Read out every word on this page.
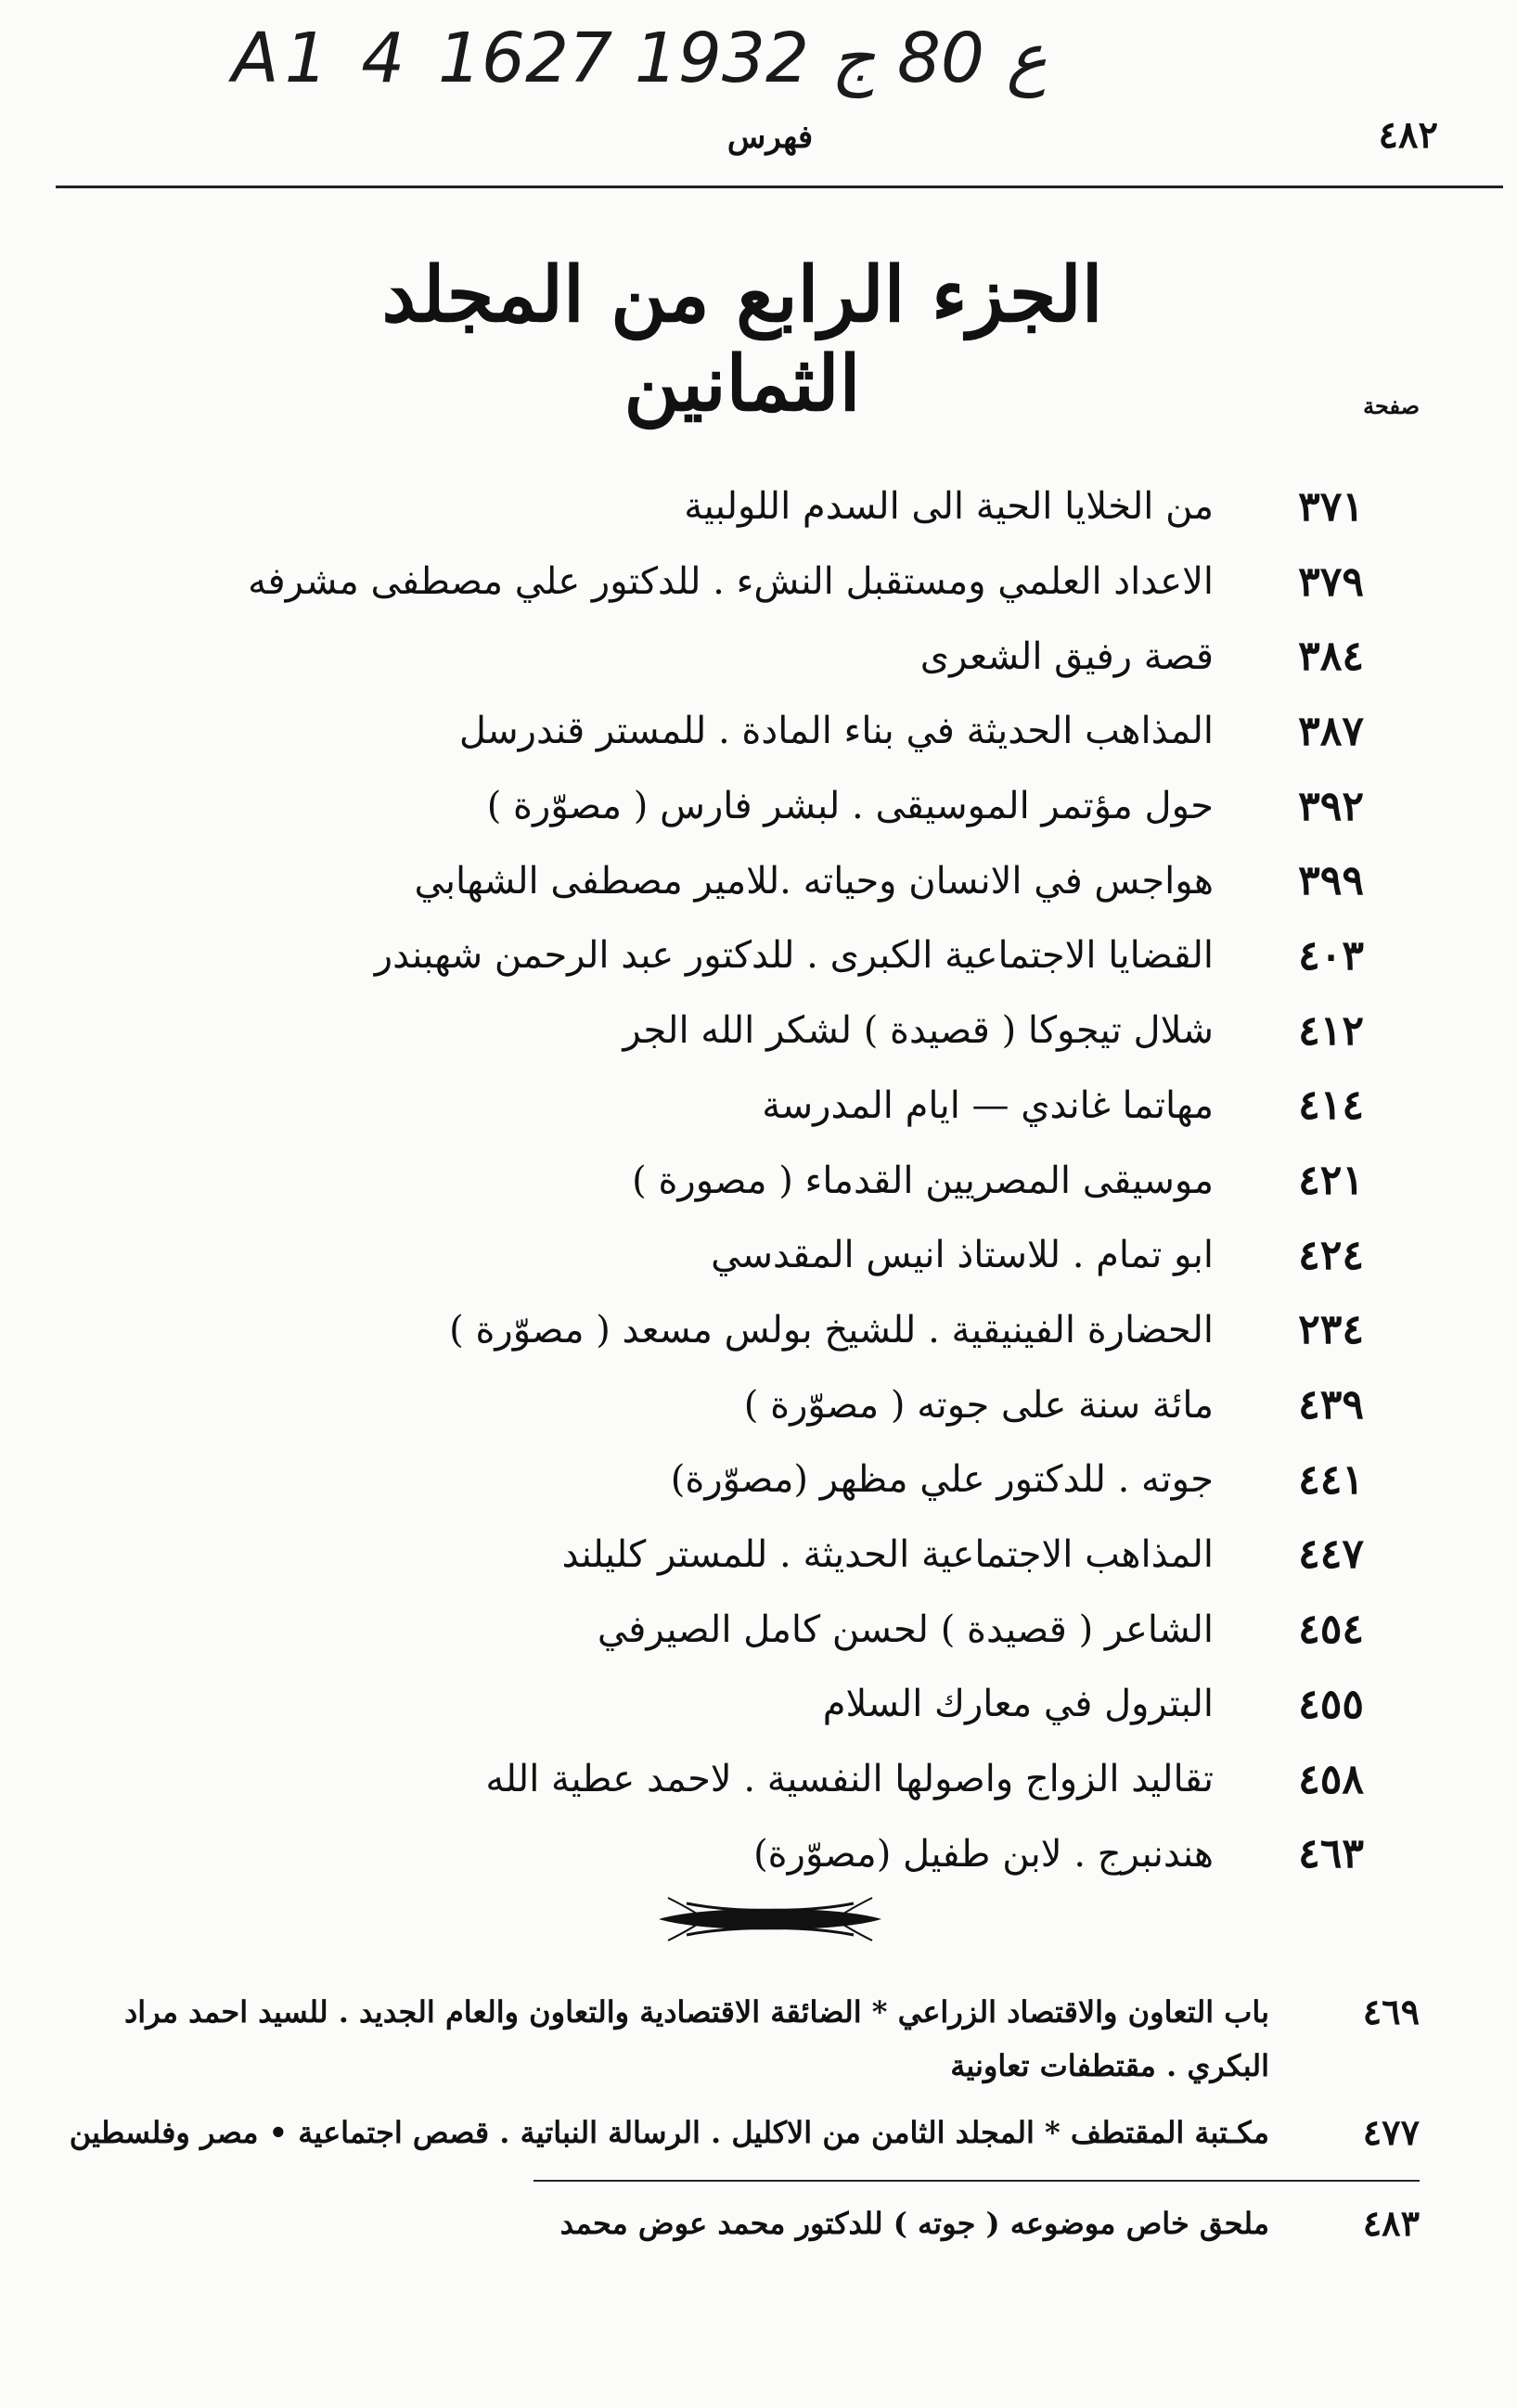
A1 4 ع 80 ج 1932 1627
فهرس	٤٨٢
الجزء الرابع من المجلد الثمانين	صفحة
٣٧١
من الخلايا الحية الى السدم اللولبية
٣٧٩
الاعداد العلمي ومستقبل النشء . للدكتور علي مصطفى مشرفه
٣٨٤
قصة رفيق الشعرى
٣٨٧
المذاهب الحديثة في بناء المادة . للمستر قندرسل
٣٩٢
حول مؤتمر الموسيقى . لبشر فارس ( مصوّرة )
٣٩٩
هواجس في الانسان وحياته .للامير مصطفى الشهابي
٤٠٣
القضايا الاجتماعية الكبرى . للدكتور عبد الرحمن شهبندر
٤١٢
شلال تيجوكا ( قصيدة ) لشكر الله الجر
٤١٤
مهاتما غاندي — ايام المدرسة
٤٢١
موسيقى المصريين القدماء ( مصورة )
٤٢٤
ابو تمام . للاستاذ انيس المقدسي
٢٣٤
الحضارة الفينيقية . للشيخ بولس مسعد ( مصوّرة )
٤٣٩
مائة سنة على جوته ( مصوّرة )
٤٤١
جوته . للدكتور علي مظهر (مصوّرة)
٤٤٧
المذاهب الاجتماعية الحديثة . للمستر كليلند
٤٥٤
الشاعر ( قصيدة ) لحسن كامل الصيرفي
٤٥٥
البترول في معارك السلام
٤٥٨
تقاليد الزواج واصولها النفسية . لاحمد عطية الله
٤٦٣
هندنبرج . لابن طفيل (مصوّرة)
٤٦٩
باب التعاون والاقتصاد الزراعي * الضائقة الاقتصادية والتعاون والعام الجديد . للسيد احمد مراد البكري . مقتطفات تعاونية
٤٧٧
مكـتبة المقتطف * المجلد الثامن من الاكليل . الرسالة النباتية . قصص اجتماعية • مصر وفلسطين
٤٨٣
ملحق خاص موضوعه ( جوته ) للدكتور محمد عوض محمد
